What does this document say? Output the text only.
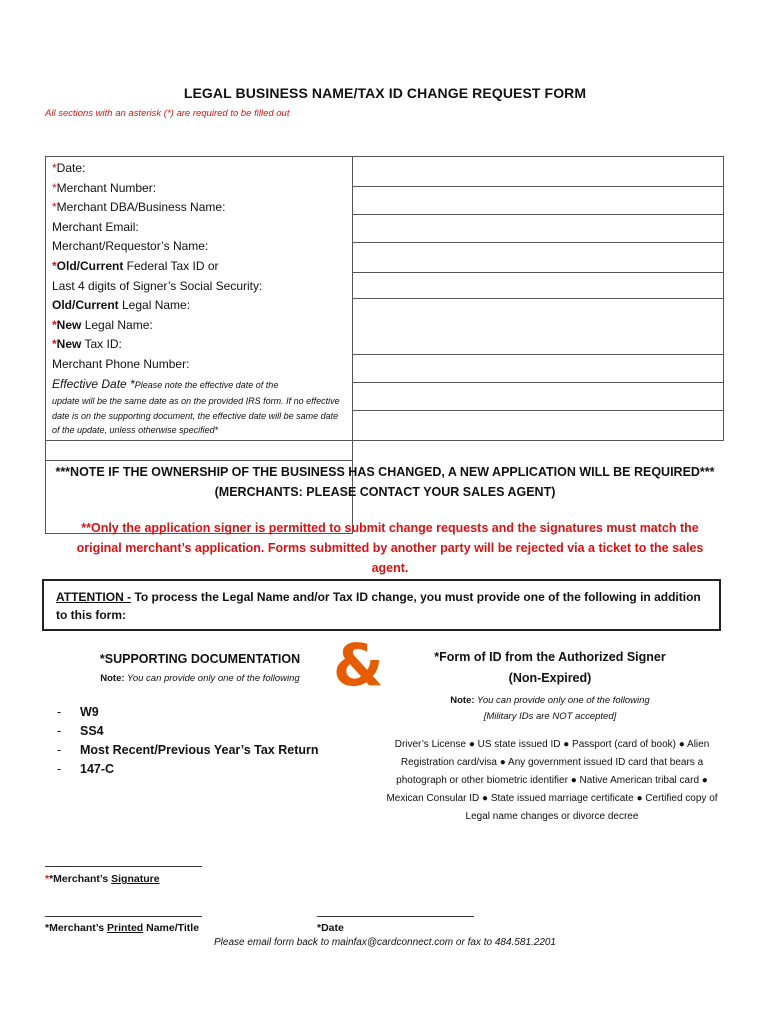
LEGAL BUSINESS NAME/TAX ID CHANGE REQUEST FORM
All sections with an asterisk (*) are required to be filled out
*Date:
*Merchant Number:
*Merchant DBA/Business Name:
Merchant Email:
Merchant/Requestor’s Name:
*Old/Current Federal Tax ID or
Last 4 digits of Signer’s Social Security:
Old/Current Legal Name:
*New Legal Name:
*New Tax ID:
Merchant Phone Number:
Effective Date *Please note the effective date of the
update will be the same date as on the provided IRS form. If no effective date is on the supporting document, the effective date will be same date of the update, unless otherwise specified*

***NOTE IF THE OWNERSHIP OF THE BUSINESS HAS CHANGED, A NEW APPLICATION WILL BE REQUIRED***
(MERCHANTS: PLEASE CONTACT YOUR SALES AGENT)
**Only the application signer is permitted to submit change requests and the signatures must match the original merchant’s application. Forms submitted by another party will be rejected via a ticket to the sales agent.
ATTENTION - To process the Legal Name and/or Tax ID change, you must provide one of the following in addition to this form:
*SUPPORTING DOCUMENTATION
Note: You can provide only one of the following
- W9
- SS4
- Most Recent/Previous Year’s Tax Return
- 147-C
&	*Form of ID from the Authorized Signer
(Non-Expired)
Note: You can provide only one of the following
[Military IDs are NOT accepted]
Driver’s License ● US state issued ID ● Passport (card of book) ● Alien Registration card/visa ● Any government issued ID card that bears a photograph or other biometric identifier ● Native American tribal card ● Mexican Consular ID ● State issued marriage certificate ● Certified copy of Legal name changes or divorce decree
**Merchant’s Signature
*Merchant’s Printed Name/Title	*Date
Please email form back to mainfax@cardconnect.com or fax to 484.581.2201
